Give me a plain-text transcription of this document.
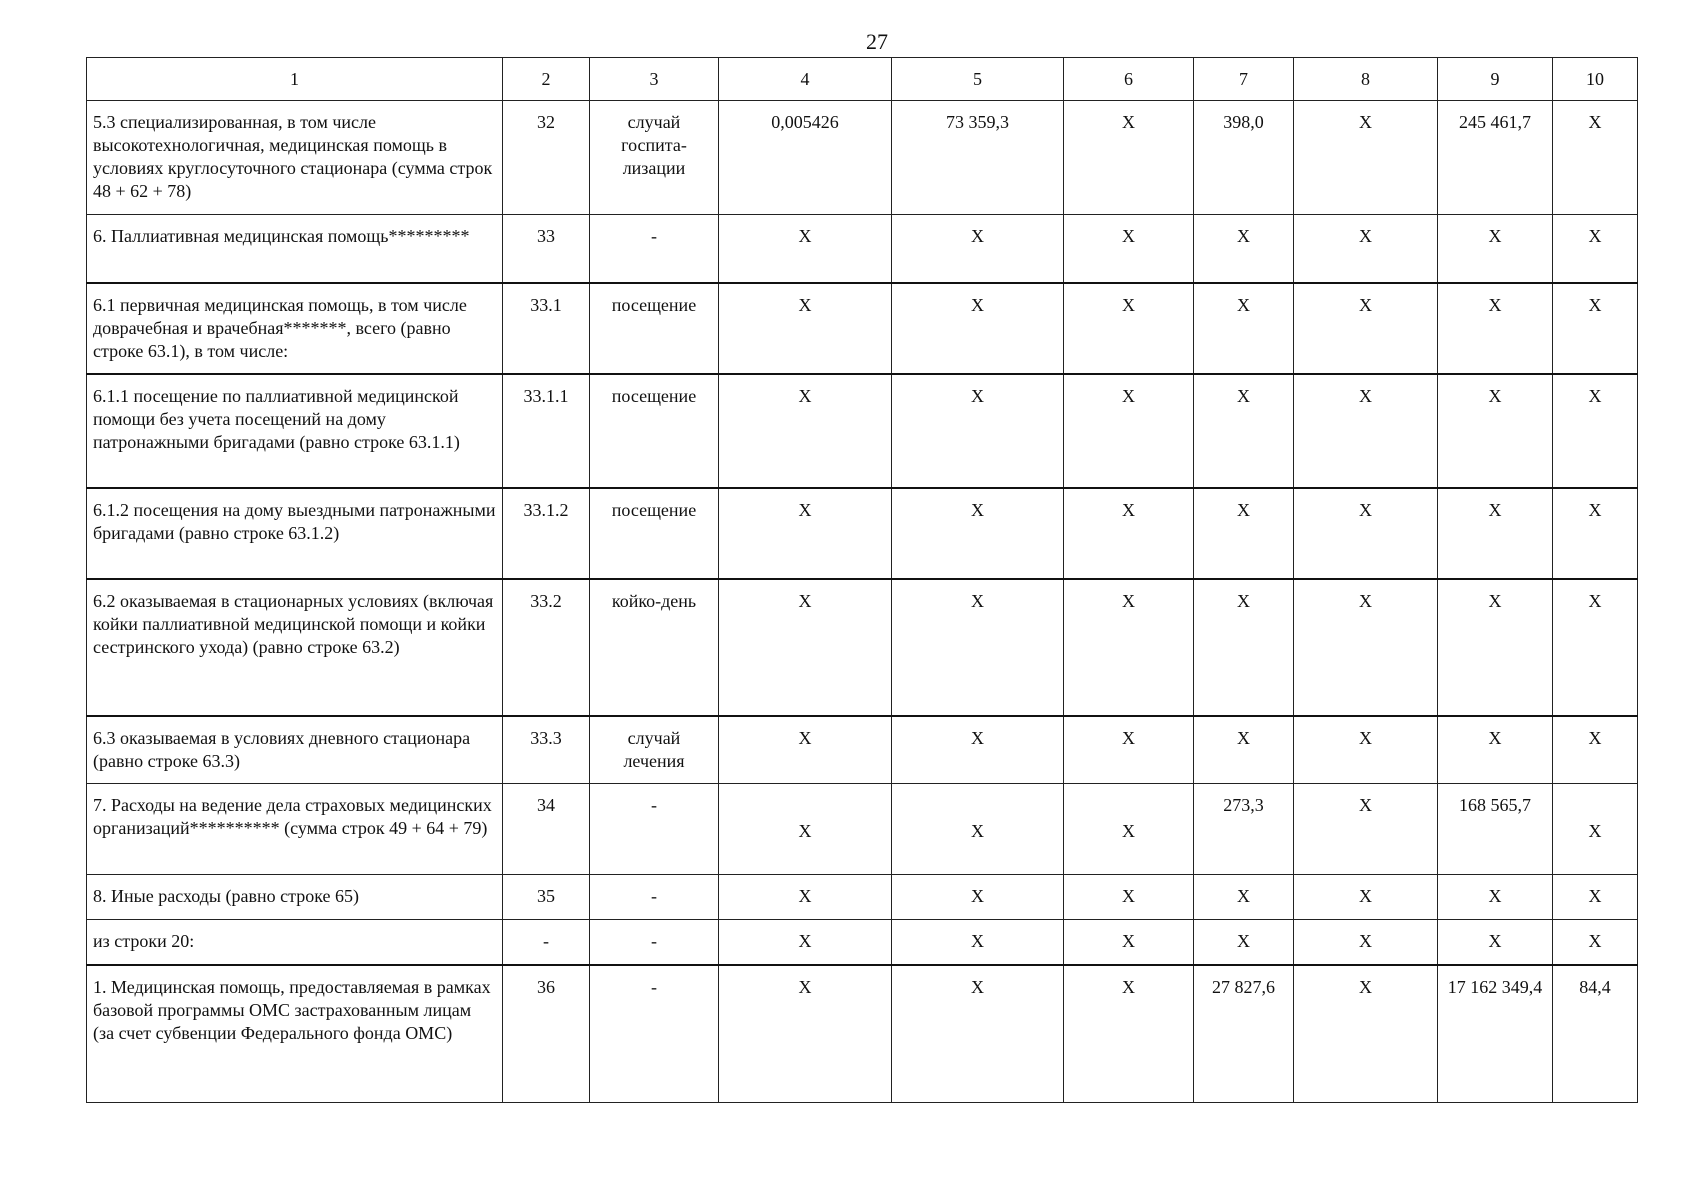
27
1	2	3	4	5	6	7	8	9	10
5.3 специализированная, в том числе высокотехнологичная, медицинская помощь в условиях круглосуточного стационара (сумма строк 48 + 62 + 78)	32	случай госпита-лизации	0,005426	73 359,3	Х	398,0	Х	245 461,7	Х
6. Паллиативная медицинская помощь*********	33	-	Х	Х	Х	Х	Х	Х	Х
6.1 первичная медицинская помощь, в том числе доврачебная и врачебная*******, всего (равно строке 63.1), в том числе:	33.1	посещение	Х	Х	Х	Х	Х	Х	Х
6.1.1 посещение по паллиативной медицинской помощи без учета посещений на дому патронажными бригадами (равно строке 63.1.1)	33.1.1	посещение	Х	Х	Х	Х	Х	Х	Х
6.1.2 посещения на дому выездными патронажными бригадами (равно строке 63.1.2)	33.1.2	посещение	Х	Х	Х	Х	Х	Х	Х
6.2 оказываемая в стационарных условиях (включая койки паллиативной медицинской помощи и койки сестринского ухода) (равно строке 63.2)	33.2	койко-день	Х	Х	Х	Х	Х	Х	Х
6.3 оказываемая в условиях дневного стационара (равно строке 63.3)	33.3	случай лечения	Х	Х	Х	Х	Х	Х	Х
7. Расходы на ведение дела страховых медицинских организаций********** (сумма строк 49 + 64 + 79)	34	-	Х	Х	Х	273,3	Х	168 565,7	Х
8. Иные расходы (равно строке 65)	35	-	Х	Х	Х	Х	Х	Х	Х
из строки 20:	-	-	Х	Х	Х	Х	Х	Х	Х
1. Медицинская помощь, предоставляемая в рамках базовой программы ОМС застрахованным лицам (за счет субвенции Федерального фонда ОМС)	36	-	Х	Х	Х	27 827,6	Х	17 162 349,4	84,4
